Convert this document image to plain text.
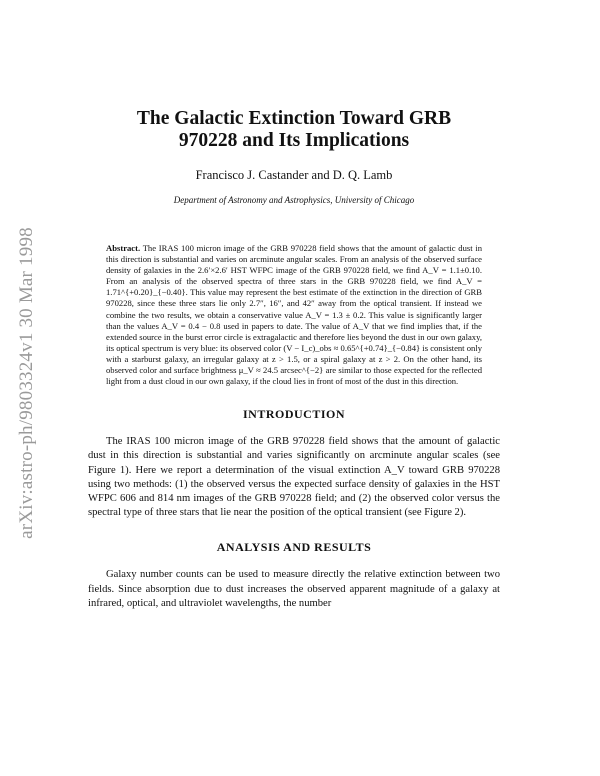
arXiv:astro-ph/9803324v1 30 Mar 1998
The Galactic Extinction Toward GRB
970228 and Its Implications
Francisco J. Castander and D. Q. Lamb
Department of Astronomy and Astrophysics, University of Chicago
Abstract. The IRAS 100 micron image of the GRB 970228 field shows that the amount of galactic dust in this direction is substantial and varies on arcminute angular scales. From an analysis of the observed surface density of galaxies in the 2.6′×2.6′ HST WFPC image of the GRB 970228 field, we find A_V = 1.1±0.10. From an analysis of the observed spectra of three stars in the GRB 970228 field, we find A_V = 1.71^{+0.20}_{−0.40}. This value may represent the best estimate of the extinction in the direction of GRB 970228, since these three stars lie only 2.7″, 16″, and 42″ away from the optical transient. If instead we combine the two results, we obtain a conservative value A_V = 1.3 ± 0.2. This value is significantly larger than the values A_V = 0.4 − 0.8 used in papers to date. The value of A_V that we find implies that, if the extended source in the burst error circle is extragalactic and therefore lies beyond the dust in our own galaxy, its optical spectrum is very blue: its observed color (V − I_c)_obs ≈ 0.65^{+0.74}_{−0.84} is consistent only with a starburst galaxy, an irregular galaxy at z > 1.5, or a spiral galaxy at z > 2. On the other hand, its observed color and surface brightness μ_V ≈ 24.5 arcsec^{−2} are similar to those expected for the reflected light from a dust cloud in our own galaxy, if the cloud lies in front of most of the dust in this direction.
INTRODUCTION

The IRAS 100 micron image of the GRB 970228 field shows that the amount of galactic dust in this direction is substantial and varies significantly on arcminute angular scales (see Figure 1). Here we report a determination of the visual extinction A_V toward GRB 970228 using two methods: (1) the observed versus the expected surface density of galaxies in the HST WFPC 606 and 814 nm images of the GRB 970228 field; and (2) the observed color versus the spectral type of three stars that lie near the position of the optical transient (see Figure 2).

ANALYSIS AND RESULTS

Galaxy number counts can be used to measure directly the relative extinction between two fields. Since absorption due to dust increases the observed apparent magnitude of a galaxy at infrared, optical, and ultraviolet wavelengths, the number
